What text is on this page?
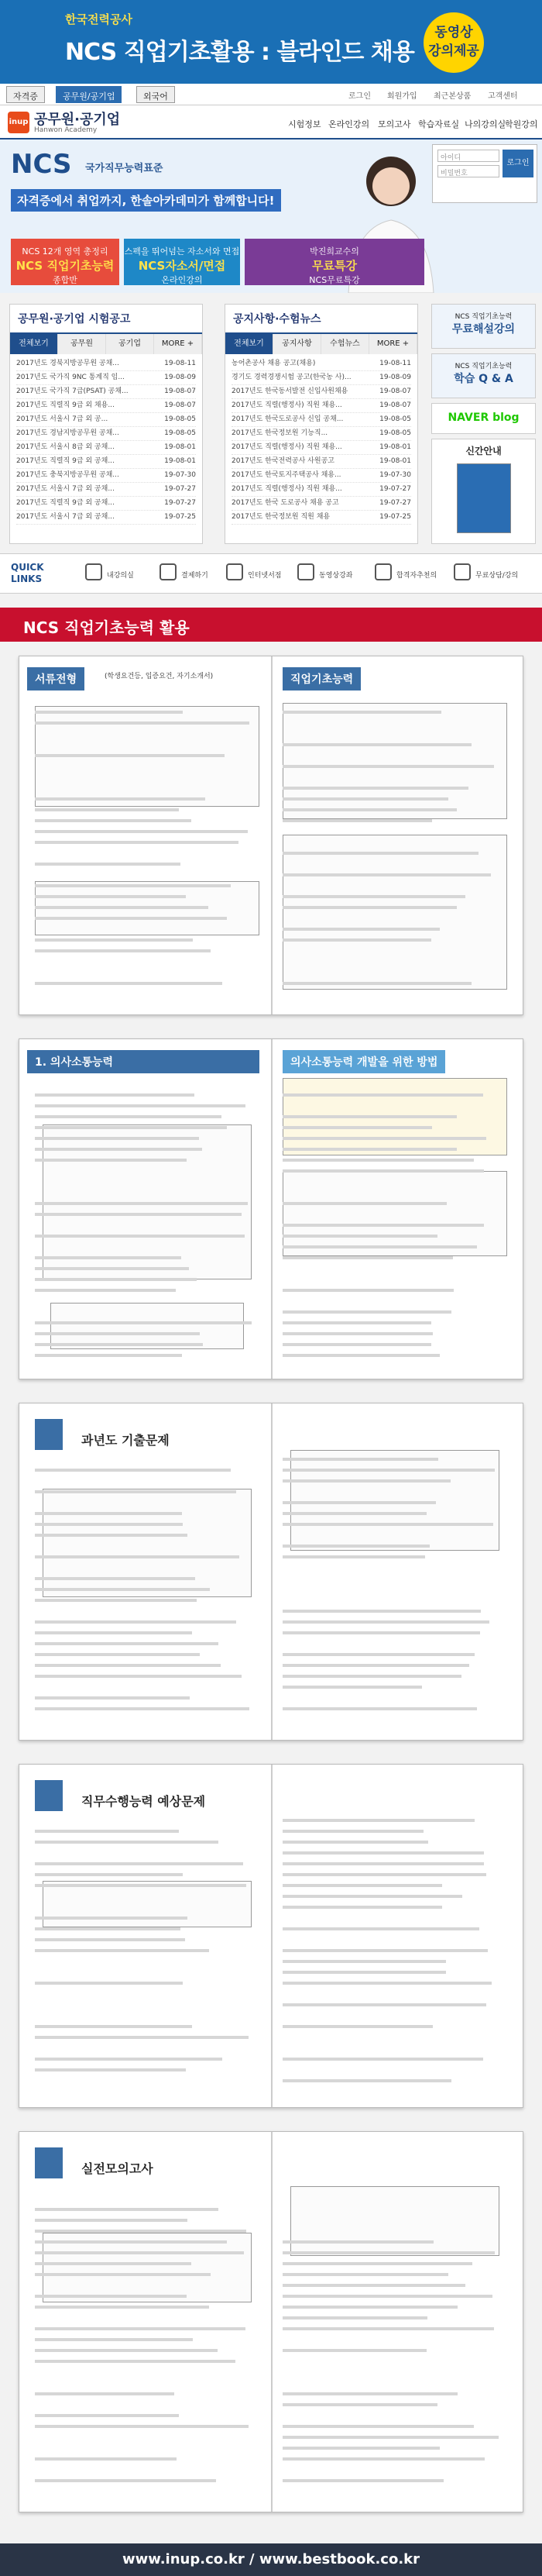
한국전력공사
NCS 직업기초활용 : 블라인드 채용
동영상
강의제공
자격증	공무원/공기업	외국어	로그인 회원가입 최근본상품 고객센터
inup 공무원·공기업
Hanwon Academy
시험정보 온라인강의 모의고사 학습자료실 나의강의실
학원강의
NCS 국가직무능력표준
자격증에서 취업까지, 한솔아카데미가 함께합니다!
NCS 12개 영역 총정리
NCS 직업기초능력
종합반
스펙을 뛰어넘는 자소서와 면접
NCS자소서/면접
온라인강의
박진희교수의
무료특강
NCS무료특강
아이디
비밀번호
로그인
공무원·공기업 시험공고
전체보기	공무원	공기업	MORE +
2017년도 경북지방공무원 공채...	19-08-11
2017년도 국가직 9NC 통계직 임...	19-08-09
2017년도 국가직 7급(PSAT) 공채...	19-08-07
2017년도 직렬직 9급 외 채용...	19-08-07
2017년도 서울시 7급 외 공...	19-08-05
2017년도 경남지방공무원 공채...	19-08-05
2017년도 서울시 8급 외 공채...	19-08-01
2017년도 직렬직 9급 외 공채...	19-08-01
2017년도 충북지방공무원 공채...	19-07-30
2017년도 서울시 7급 외 공채...	19-07-27
2017년도 직렬직 9급 외 공채...	19-07-27
2017년도 서울시 7급 외 공채...	19-07-25
공지사항·수험뉴스
전체보기	공지사항	수험뉴스	MORE +
농어촌공사 채용 공고(채용)	19-08-11
경기도 경력경쟁시험 공고(한국농 사)...	19-08-09
2017년도 한국동서발전 신입사원채용	19-08-07
2017년도 직렬(행정사) 직원 채용...	19-08-07
2017년도 한국도로공사 신입 공채...	19-08-05
2017년도 한국정보원 기능직...	19-08-05
2017년도 직렬(행정사) 직원 채용...	19-08-01
2017년도 한국전력공사 사원공고	19-08-01
2017년도 한국토지주택공사 채용...	19-07-30
2017년도 직렬(행정사) 직원 채용...	19-07-27
2017년도 한국 도로공사 채용 공고	19-07-27
2017년도 한국정보원 직원 채용	19-07-25
NCS 직업기초능력
무료해설강의
NCS 직업기초능력
학습 Q & A
NAVER blog
신간안내
QUICK
LINKS	내강의실	결제하기	인터넷서점	동영상강좌	합격자추천의	무료상담/강의
NCS 직업기초능력 활용
서류전형	직업기초능력
(학생요건등, 입증요건, 자기소개서)
1. 의사소통능력	의사소통능력 개발을 위한 방법
과년도 기출문제
직무수행능력 예상문제
실전모의고사
www.inup.co.kr / www.bestbook.co.kr
